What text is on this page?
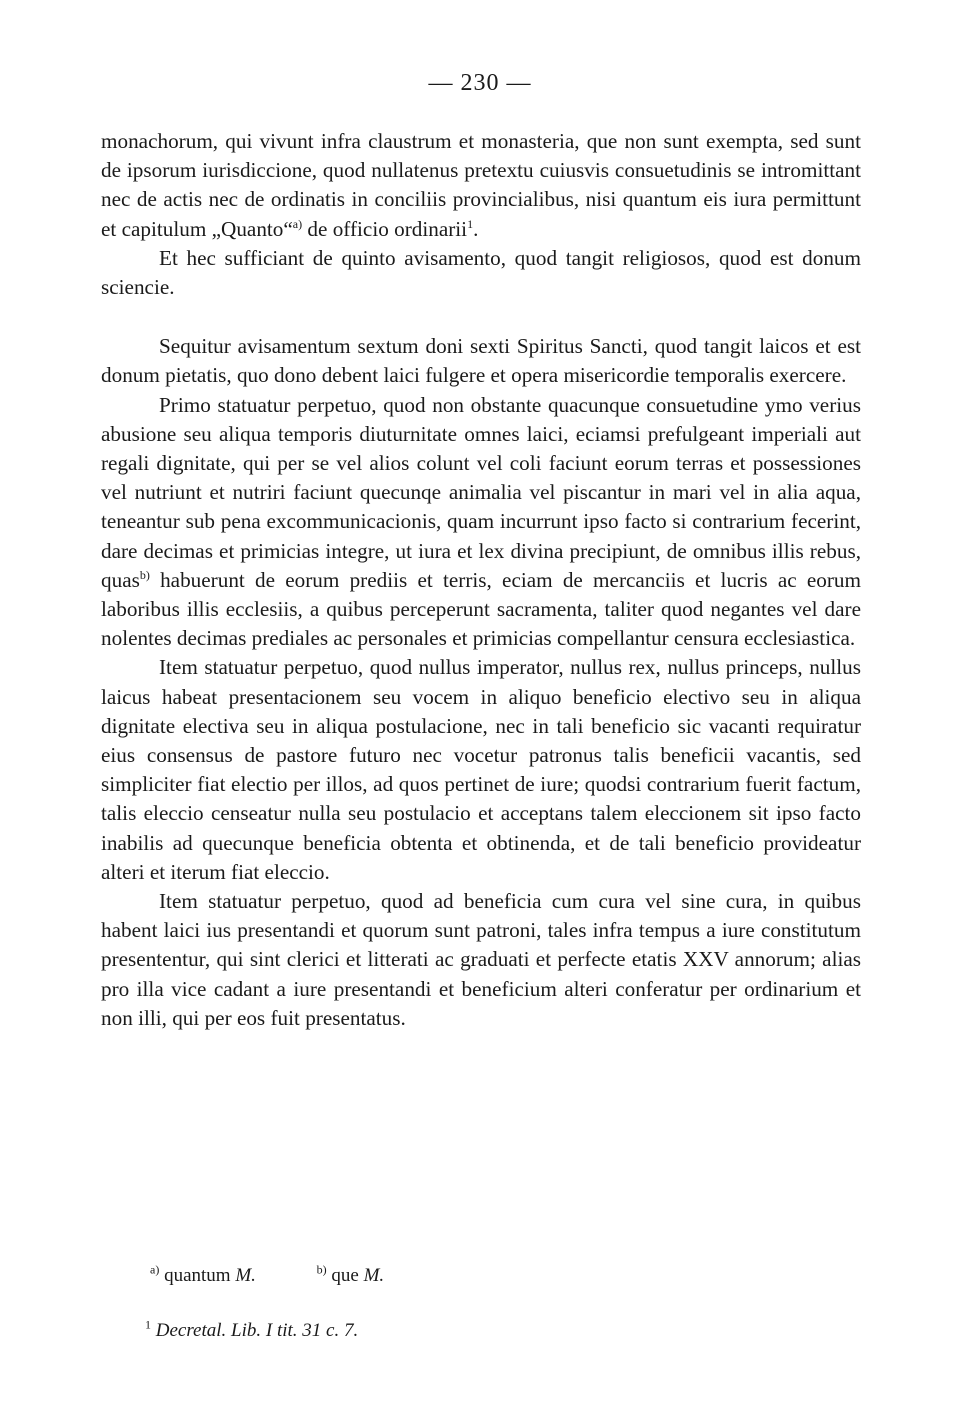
— 230 —

monachorum, qui vivunt infra claustrum et monasteria, que non sunt exempta, sed sunt de ipsorum iurisdiccione, quod nullatenus pretextu cuiusvis consuetudinis se intromittant nec de actis nec de ordinatis in conciliis provincialibus, nisi quantum eis iura permittunt et capitulum „Quanto“$^{a)}$ de officio ordinarii$^1$.

Et hec sufficiant de quinto avisamento, quod tangit religiosos, quod est donum sciencie.

Sequitur avisamentum sextum doni sexti Spiritus Sancti, quod tangit laicos et est donum pietatis, quo dono debent laici fulgere et opera misericordie temporalis exercere.

Primo statuatur perpetuo, quod non obstante quacunque consuetudine ymo verius abusione seu aliqua temporis diuturnitate omnes laici, eciamsi prefulgeant imperiali aut regali dignitate, qui per se vel alios colunt vel coli faciunt eorum terras et possessiones vel nutriunt et nutriri faciunt quecunqe animalia vel piscantur in mari vel in alia aqua, teneantur sub pena excommunicacionis, quam incurrunt ipso facto si contrarium fecerint, dare decimas et primicias integre, ut iura et lex divina precipiunt, de omnibus illis rebus, quas$^{b)}$ habuerunt de eorum prediis et terris, eciam de mercanciis et lucris ac eorum laboribus illis ecclesiis, a quibus perceperunt sacramenta, taliter quod negantes vel dare nolentes decimas prediales ac personales et primicias compellantur censura ecclesiastica.

Item statuatur perpetuo, quod nullus imperator, nullus rex, nullus princeps, nullus laicus habeat presentacionem seu vocem in aliquo beneficio electivo seu in aliqua dignitate electiva seu in aliqua postulacione, nec in tali beneficio sic vacanti requiratur eius consensus de pastore futuro nec vocetur patronus talis beneficii vacantis, sed simpliciter fiat electio per illos, ad quos pertinet de iure; quodsi contrarium fuerit factum, talis eleccio censeatur nulla seu postulacio et acceptans talem eleccionem sit ipso facto inabilis ad quecunque beneficia obtenta et obtinenda, et de tali beneficio provideatur alteri et iterum fiat eleccio.

Item statuatur perpetuo, quod ad beneficia cum cura vel sine cura, in quibus habent laici ius presentandi et quorum sunt patroni, tales infra tempus a iure constitutum presententur, qui sint clerici et litterati ac graduati et perfecte etatis XXV annorum; alias pro illa vice cadant a iure presentandi et beneficium alteri conferatur per ordinarium et non illi, qui per eos fuit presentatus.

$^{a)}$ quantum M.	$^{b)}$ que M.
$^1$ Decretal. Lib. I tit. 31 c. 7.
